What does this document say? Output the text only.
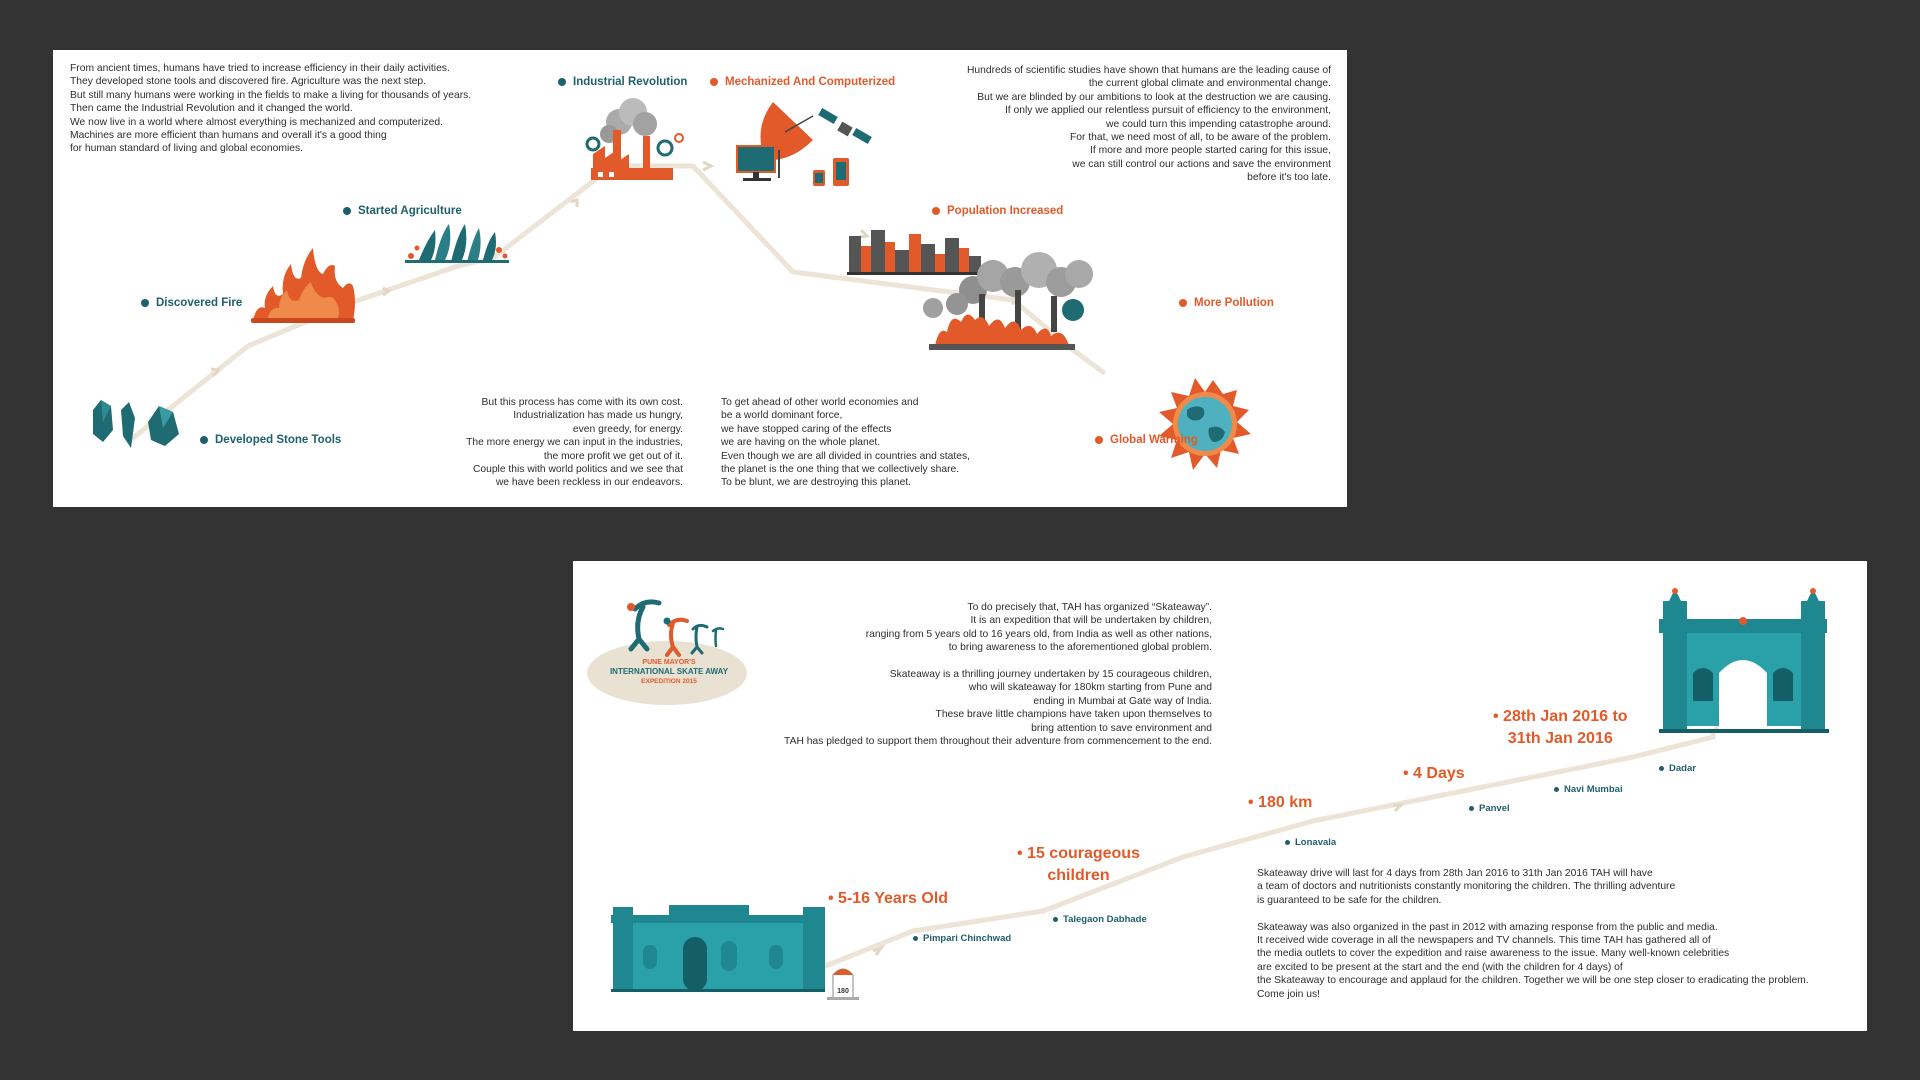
From ancient times, humans have tried to increase efficiency in their daily activities.
They developed stone tools and discovered fire. Agriculture was the next step.
But still many humans were working in the fields to make a living for thousands of years.
Then came the Industrial Revolution and it changed the world.
We now live in a world where almost everything is mechanized and computerized.
Machines are more efficient than humans and overall it's a good thing
for human standard of living and global economies.

Hundreds of scientific studies have shown that humans are the leading cause of
the current global climate and environmental change.
But we are blinded by our ambitions to look at the destruction we are causing.
If only we applied our relentless pursuit of efficiency to the environment,
we could turn this impending catastrophe around.
For that, we need most of all, to be aware of the problem.
If more and more people started caring for this issue,
we can still control our actions and save the environment
before it's too late.

But this process has come with its own cost.
Industrialization has made us hungry,
even greedy, for energy.
The more energy we can input in the industries,
the more profit we get out of it.
Couple this with world politics and we see that
we have been reckless in our endeavors.

To get ahead of other world economies and
be a world dominant force,
we have stopped caring of the effects
we are having on the whole planet.
Even though we are all divided in countries and states,
the planet is the one thing that we collectively share.
To be blunt, we are destroying this planet.

Developed Stone Tools
Discovered Fire
Started Agriculture
Industrial Revolution	Mechanized And Computerized
Population Increased
More Pollution
Global Warming
PUNE MAYOR'S
INTERNATIONAL SKATE AWAY
EXPEDITION 2015
180

To do precisely that, TAH has organized “Skateaway”.
It is an expedition that will be undertaken by children,
ranging from 5 years old to 16 years old, from India as well as other nations,
to bring awareness to the aforementioned global problem.

Skateaway is a thrilling journey undertaken by 15 courageous children,
who will skateaway for 180km starting from Pune and
ending in Mumbai at Gate way of India.
These brave little champions have taken upon themselves to
bring attention to save environment and
TAH has pledged to support them throughout their adventure from commencement to the end.

Skateaway drive will last for 4 days from 28th Jan 2016 to 31th Jan 2016 TAH will have
a team of doctors and nutritionists constantly monitoring the children. The thrilling adventure
is guaranteed to be safe for the children.

Skateaway was also organized in the past in 2012 with amazing response from the public and media.
It received wide coverage in all the newspapers and TV channels. This time TAH has gathered all of
the media outlets to cover the expedition and raise awareness to the issue. Many well-known celebrities
are excited to be present at the start and the end (with the children for 4 days) of
the Skateaway to encourage and applaud for the children. Together we will be one step closer to eradicating the problem.
Come join us!

• 5-16 Years Old
• 15 courageous
children
• 180 km
• 4 Days
• 28th Jan 2016 to
31th Jan 2016
Pimpari Chinchwad
Talegaon Dabhade
Lonavala
Panvel
Navi Mumbai
Dadar
